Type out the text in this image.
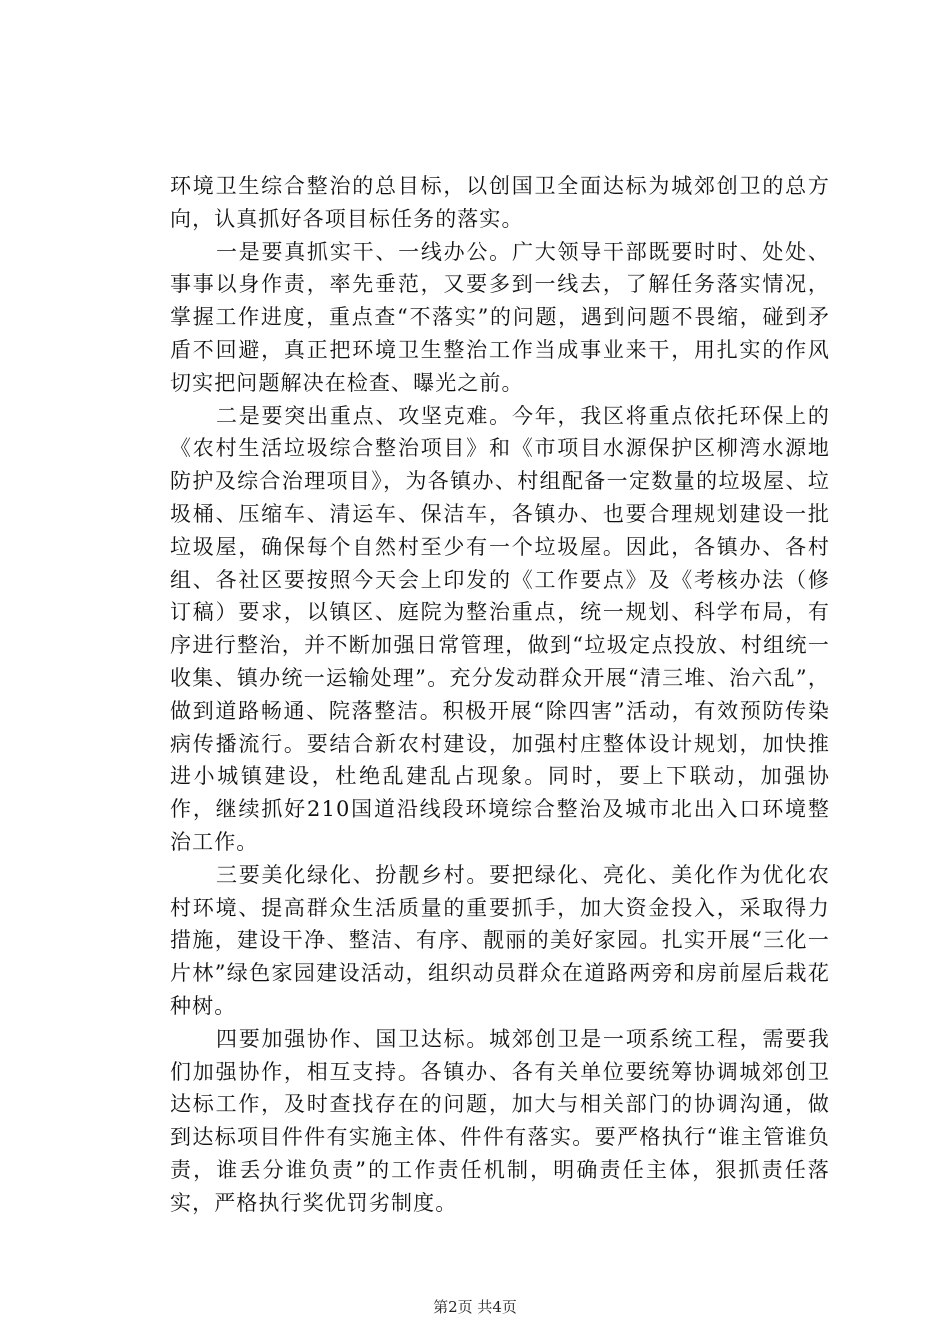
环境卫生综合整治的总目标，以创国卫全面达标为城郊创卫的总方向，认真抓好各项目标任务的落实。

一是要真抓实干、一线办公。广大领导干部既要时时、处处、事事以身作责，率先垂范，又要多到一线去，了解任务落实情况，掌握工作进度，重点查“不落实”的问题，遇到问题不畏缩，碰到矛盾不回避，真正把环境卫生整治工作当成事业来干，用扎实的作风切实把问题解决在检查、曝光之前。

二是要突出重点、攻坚克难。今年，我区将重点依托环保上的《农村生活垃圾综合整治项目》和《市项目水源保护区柳湾水源地防护及综合治理项目》，为各镇办、村组配备一定数量的垃圾屋、垃圾桶、压缩车、清运车、保洁车，各镇办、也要合理规划建设一批垃圾屋，确保每个自然村至少有一个垃圾屋。因此，各镇办、各村组、各社区要按照今天会上印发的《工作要点》及《考核办法（修订稿）要求，以镇区、庭院为整治重点，统一规划、科学布局，有序进行整治，并不断加强日常管理，做到“垃圾定点投放、村组统一收集、镇办统一运输处理”。充分发动群众开展“清三堆、治六乱”，做到道路畅通、院落整洁。积极开展“除四害”活动，有效预防传染病传播流行。要结合新农村建设，加强村庄整体设计规划，加快推进小城镇建设，杜绝乱建乱占现象。同时，要上下联动，加强协作，继续抓好210国道沿线段环境综合整治及城市北出入口环境整治工作。

三要美化绿化、扮靓乡村。要把绿化、亮化、美化作为优化农村环境、提高群众生活质量的重要抓手，加大资金投入，采取得力措施，建设干净、整洁、有序、靓丽的美好家园。扎实开展“三化一片林”绿色家园建设活动，组织动员群众在道路两旁和房前屋后栽花种树。

四要加强协作、国卫达标。城郊创卫是一项系统工程，需要我们加强协作，相互支持。各镇办、各有关单位要统筹协调城郊创卫达标工作，及时查找存在的问题，加大与相关部门的协调沟通，做到达标项目件件有实施主体、件件有落实。要严格执行“谁主管谁负责，谁丢分谁负责”的工作责任机制，明确责任主体，狠抓责任落实，严格执行奖优罚劣制度。

第2页 共4页
